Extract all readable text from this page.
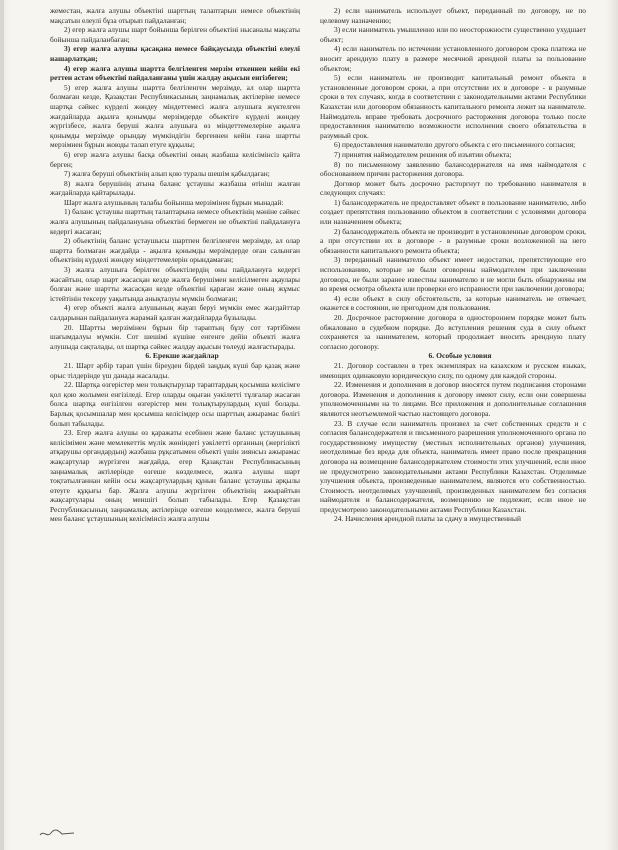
жеместан, жалға алушы объектіні шарттың талаптарын немесе объектінің мақсатын елеулі бұза отырып пайдаланған;

2) егер жалға алушы шарт бойынша берілген объектіні нысаналы мақсаты бойынша пайдаланбаған;

3) егер жалға алушы қасақана немесе байқаусызда объектіні елеулі нашарлатқан;

4) егер жалға алушы шартта белгіленген мерзім өткеннен кейін екі реттен астам объектіні пайдаланғаны үшін жалдау ақысын енгізбеген;

5) егер жалға алушы шартта белгіленген мерзімде, ал олар шартта болмаған кезде, Қазақстан Республикасының заңнамалық актілеріне немесе шартқа сәйкес күрделі жөндеу міндеттемесі жалға алушыға жүктелген жағдайларда ақылға қонымды мерзімдерде объектіге күрделі жөндеу жүргізбесе, жалға беруші жалға алушыға өз міндеттемелеріне ақылға қонымды мерзімде орындау мүмкіндігін бергеннен кейін ғана шартты мерзімнен бұрын жоюды талап етуге құқылы;

6) егер жалға алушы басқа объектіні оның жазбаша келісімінсіз қайта берген;

7) жалға беруші объектінің алып қою туралы шешім қабылдаған;

8) жалға берушінің атына баланс ұстаушы жазбаша өтініш жалған жағдайларда қайтарылады.

Шарт жалға алушының талабы бойынша мерзімінен бұрын мынадай:

1) баланс ұстаушы шарттың талаптарына немесе объектінің мәніне сәйкес жалға алушының пайдалануына объектіні бермеген не объектіні пайдалануға кедергі жасаған;

2) объектінің баланс ұстаушысы шартпен белгіленген мерзімде, ал олар шартта болмаған жағдайда - ақылға қонымды мерзімдерде оған салынған объектінің күрделі жөндеу міндеттемелерін орындамаған;

3) жалға алушыға берілген объектілердің оны пайдалануға кедергі жасайтын, олар шарт жасасқан кезде жалға берушімен келісілмеген ақаулары болған және шартты жасасқан кезде объектіні қараған және оның жұмыс істейтінін тексеру уақытында анықталуы мүмкін болмаған;

4) егер объекті жалға алушының жауап беруі мүмкін емес жағдайттар салдарынан пайдалануға жарамай қалған жағдайларда бұзылады.

20. Шартты мерзімінен бұрын бір тараптың бұзу сот тәртібімен шағымдалуы мүмкін. Сот шешімі күшіне енгенге дейін объекті жалға алушыда сақталады, ол шартқа сәйкес жалдау ақысын төлеуді жалғастырады.

6. Ерекше жағдайлар

21. Шарт әрбір тарап үшін біреуден бірдей заңдық күші бар қазақ және орыс тілдерінде үш данада жасалады.

22. Шартқа өзгерістер мен толықтырулар тараптардың қосымша келісімге қол қою жолымен енгізіледі. Егер оларды оқыған уәкілетті тұлғалар жасаған болса шартқа енгізілген өзгерістер мен толықтырулардың күші болады. Барлық қосымшалар мен қосымша келісімдер осы шарттың ажырамас бөлігі болып табылады.

23. Егер жалға алушы өз қаражаты есебінен және баланс ұстаушының келісімімен және мемлекеттік мүлік жөніндегі уәкілетті органның (жергілікті атқарушы органдардың) жазбаша рұқсатымен объекті үшін зиянсыз ажырамас жақсартулар жүргізген жағдайда, егер Қазақстан Республикасының заңнамалық актілерінде өзгеше көзделмесе, жалға алушы шарт тоқтатылғаннан кейін осы жақсартулардың құнын баланс ұстаушы арқылы өтеуге құқығы бар. Жалға алушы жүргізген объектінің ажырайтын жақсартулары оның меншігі болып табылады. Егер Қазақстан Республикасының заңнамалық актілерінде өзгеше көзделмесе, жалға беруші мен баланс ұстаушының келісімінсіз жалға алушы

2) если наниматель использует объект, переданный по договору, не по целевому назначению;

3) если наниматель умышленно или по неосторожности существенно ухудшает объект;

4) если наниматель по истечении установленного договором срока платежа не вносит арендную плату в размере месячной арендной платы за пользование объектом;

5) если наниматель не производит капитальный ремонт объекта в установленные договором сроки, а при отсутствии их в договоре - в разумные сроки в тех случаях, когда в соответствии с законодательными актами Республики Казахстан или договором обязанность капитального ремонта лежит на нанимателе. Наймодатель вправе требовать досрочного расторжения договора только после предоставления нанимателю возможности исполнения своего обязательства в разумный срок.

6) предоставления нанимателю другого объекта с его письменного согласия;

7) принятия наймодателем решения об изъятии объекта;

8) по письменному заявлению балансодержателя на имя наймодателя с обоснованием причин расторжения договора.

Договор может быть досрочно расторгнут по требованию нанимателя в следующих случаях:

1) балансодержатель не предоставляет объект в пользование нанимателю, либо создает препятствия пользованию объектом в соответствии с условиями договора или назначением объекта;

2) балансодержатель объекта не производит в установленные договором сроки, а при отсутствии их в договоре - в разумные сроки возложенной на него обязанности капитального ремонта объекта;

3) переданный нанимателю объект имеет недостатки, препятствующие его использованию, которые не были оговорены наймодателем при заключении договора, не были заранее известны нанимателю и не могли быть обнаружены им во время осмотра объекта или проверки его исправности при заключении договора;

4) если объект в силу обстоятельств, за которые наниматель не отвечает, окажется в состоянии, не пригодном для пользования.

20. Досрочное расторжение договора в одностороннем порядке может быть обжаловано в судебном порядке. До вступления решения суда в силу объект сохраняется за нанимателем, который продолжает вносить арендную плату согласно договору.

6. Особые условия

21. Договор составлен в трех экземплярах на казахском и русском языках, имеющих одинаковую юридическую силу, по одному для каждой стороны.

22. Изменения и дополнения в договор вносятся путем подписания сторонами договора. Изменения и дополнения к договору имеют силу, если они совершены уполномоченными на то лицами. Все приложения и дополнительные соглашения являются неотъемлемой частью настоящего договора.

23. В случае если наниматель произвел за счет собственных средств и с согласия балансодержателя и письменного разрешения уполномоченного органа по государственному имуществу (местных исполнительных органов) улучшения, неотделимые без вреда для объекта, наниматель имеет право после прекращения договора на возмещение балансодержателем стоимости этих улучшений, если иное не предусмотрено законодательными актами Республики Казахстан. Отделимые улучшения объекта, произведенные нанимателем, являются его собственностью. Стоимость неотделимых улучшений, произведенных нанимателем без согласия наймодателя и балансодержателя, возмещению не подлежит, если иное не предусмотрено законодательными актами Республики Казахстан.

24. Начисления арендной платы за сдачу в имущественный
